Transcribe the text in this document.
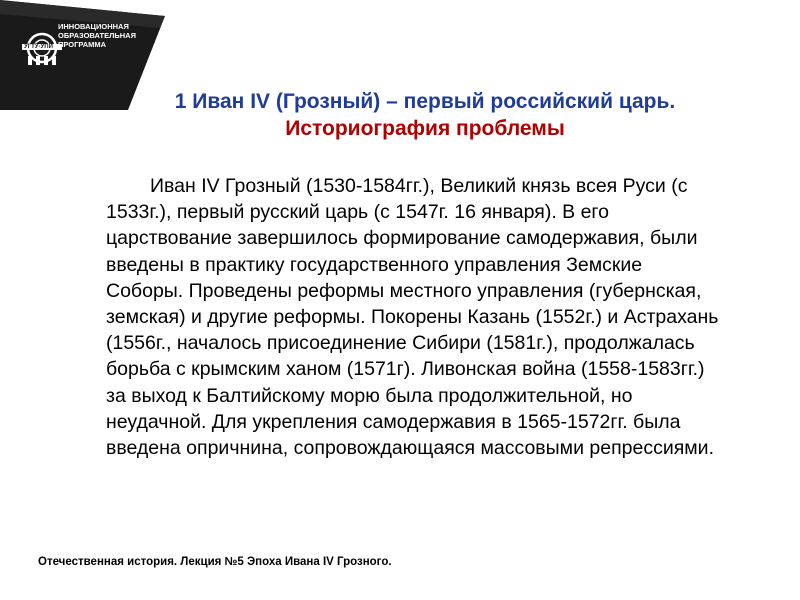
УГТУ-УПИ
ИННОВАЦИОННАЯ
ОБРАЗОВАТЕЛЬНАЯ
ПРОГРАММА
1 Иван IV (Грозный) – первый российский царь.
Историография проблемы

Иван IV Грозный (1530-1584гг.), Великий князь всея Руси (с 1533г.), первый русский царь (с 1547г. 16 января). В его царствование завершилось формирование самодержавия, были введены в практику государственного управления Земские Соборы. Проведены реформы местного управления (губернская, земская) и другие реформы. Покорены Казань (1552г.) и Астрахань (1556г., началось присоединение Сибири (1581г.), продолжалась борьба с крымским ханом (1571г). Ливонская война (1558-1583гг.) за выход к Балтийскому морю была продолжительной, но неудачной. Для укрепления самодержавия в 1565-1572гг. была введена опричнина, сопровождающаяся массовыми репрессиями.

Отечественная история. Лекция №5 Эпоха Ивана IV Грозного.
